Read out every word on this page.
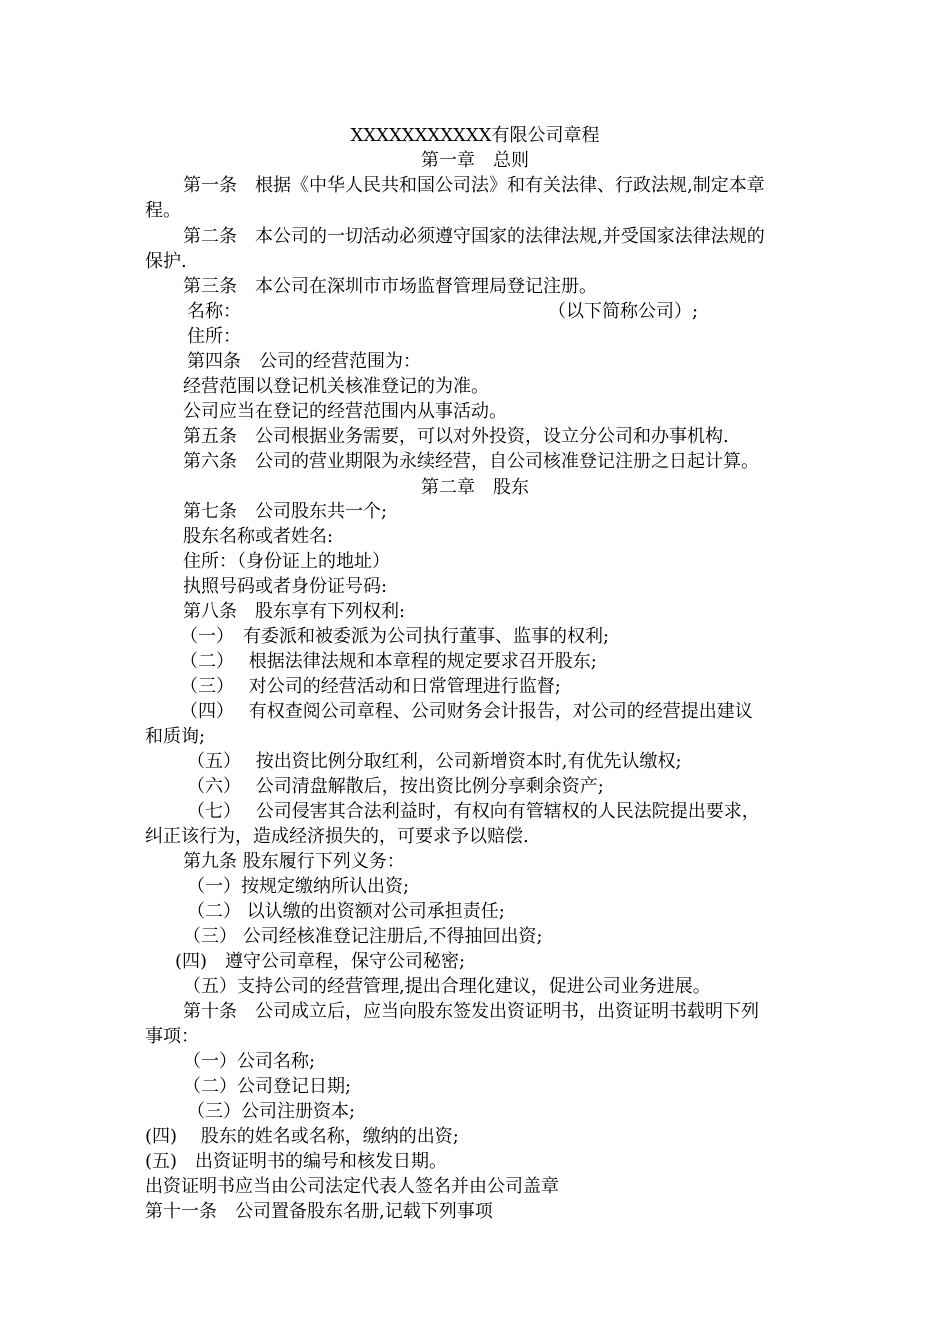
XXXXXXXXXXX有限公司章程
第一章　总则
第一条　根据《中华人民共和国公司法》和有关法律、行政法规,制定本章
程。
第二条　本公司的一切活动必须遵守国家的法律法规,并受国家法律法规的
保护.
第三条　本公司在深圳市市场监督管理局登记注册。
名称：	（以下简称公司）;
住所：
第四条　公司的经营范围为：
经营范围以登记机关核准登记的为准。
公司应当在登记的经营范围内从事活动。
第五条　公司根据业务需要，可以对外投资，设立分公司和办事机构.
第六条　公司的营业期限为永续经营，自公司核准登记注册之日起计算。
第二章　股东
第七条　公司股东共一个;
股东名称或者姓名:
住所：（身份证上的地址）
执照号码或者身份证号码:
第八条　股东享有下列权利:
（一）　有委派和被委派为公司执行董事、监事的权利;
（二）　 根据法律法规和本章程的规定要求召开股东;
（三）　 对公司的经营活动和日常管理进行监督;
（四）　 有权查阅公司章程、公司财务会计报告，对公司的经营提出建议
和质询;
（五）　 按出资比例分取红利，公司新增资本时,有优先认缴权;
（六）　 公司清盘解散后，按出资比例分享剩余资产;
（七）　 公司侵害其合法利益时，有权向有管辖权的人民法院提出要求，
纠正该行为，造成经济损失的，可要求予以赔偿.
第九条 股东履行下列义务：
（一）按规定缴纳所认出资;
（二） 以认缴的出资额对公司承担责任;
（三） 公司经核准登记注册后,不得抽回出资;
(四)　遵守公司章程，保守公司秘密;
（五）支持公司的经营管理,提出合理化建议，促进公司业务进展。
第十条　公司成立后，应当向股东签发出资证明书，出资证明书载明下列
事项：
（一）公司名称;
（二）公司登记日期;
（三）公司注册资本;
(四)　 股东的姓名或名称，缴纳的出资;
(五)　出资证明书的编号和核发日期。
出资证明书应当由公司法定代表人签名并由公司盖章
第十一条　公司置备股东名册,记载下列事项
